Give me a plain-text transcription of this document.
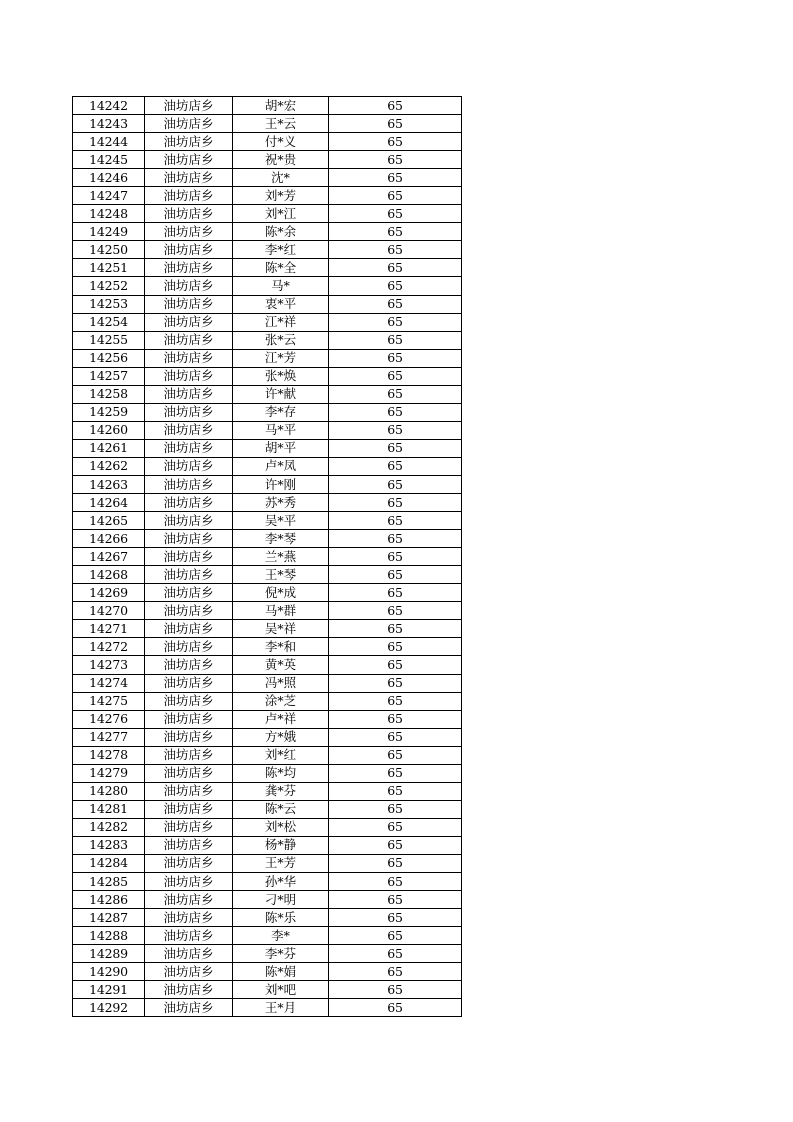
14242	油坊店乡	胡*宏	65
14243	油坊店乡	王*云	65
14244	油坊店乡	付*义	65
14245	油坊店乡	祝*贵	65
14246	油坊店乡	沈*	65
14247	油坊店乡	刘*芳	65
14248	油坊店乡	刘*江	65
14249	油坊店乡	陈*余	65
14250	油坊店乡	李*红	65
14251	油坊店乡	陈*全	65
14252	油坊店乡	马*	65
14253	油坊店乡	衷*平	65
14254	油坊店乡	江*祥	65
14255	油坊店乡	张*云	65
14256	油坊店乡	江*芳	65
14257	油坊店乡	张*焕	65
14258	油坊店乡	许*献	65
14259	油坊店乡	李*存	65
14260	油坊店乡	马*平	65
14261	油坊店乡	胡*平	65
14262	油坊店乡	卢*凤	65
14263	油坊店乡	许*刚	65
14264	油坊店乡	苏*秀	65
14265	油坊店乡	吴*平	65
14266	油坊店乡	李*琴	65
14267	油坊店乡	兰*燕	65
14268	油坊店乡	王*琴	65
14269	油坊店乡	倪*成	65
14270	油坊店乡	马*群	65
14271	油坊店乡	吴*祥	65
14272	油坊店乡	李*和	65
14273	油坊店乡	黄*英	65
14274	油坊店乡	冯*照	65
14275	油坊店乡	涂*芝	65
14276	油坊店乡	卢*祥	65
14277	油坊店乡	方*娥	65
14278	油坊店乡	刘*红	65
14279	油坊店乡	陈*均	65
14280	油坊店乡	龚*芬	65
14281	油坊店乡	陈*云	65
14282	油坊店乡	刘*松	65
14283	油坊店乡	杨*静	65
14284	油坊店乡	王*芳	65
14285	油坊店乡	孙*华	65
14286	油坊店乡	刁*明	65
14287	油坊店乡	陈*乐	65
14288	油坊店乡	李*	65
14289	油坊店乡	李*芬	65
14290	油坊店乡	陈*娟	65
14291	油坊店乡	刘*吧	65
14292	油坊店乡	王*月	65
